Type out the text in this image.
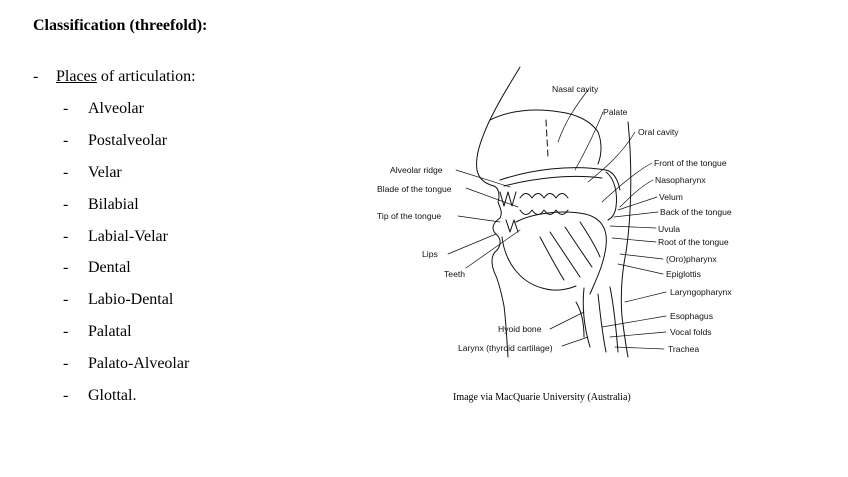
Classification (threefold):
- Places of articulation:
- Alveolar
- Postalveolar
- Velar
- Bilabial
- Labial-Velar
- Dental
- Labio-Dental
- Palatal
- Palato-Alveolar
- Glottal.
Nasal cavity
Palate
Oral cavity
Front of the tongue
Nasopharynx
Velum
Back of the tongue
Uvula
Root of the tongue
(Oro)pharynx
Epiglottis
Laryngopharynx
Esophagus
Vocal folds
Trachea
Alveolar ridge
Blade of the tongue
Tip of the tongue
Lips
Teeth
Hyoid bone
Larynx (thyroid cartilage)
Image via MacQuarie University (Australia)
